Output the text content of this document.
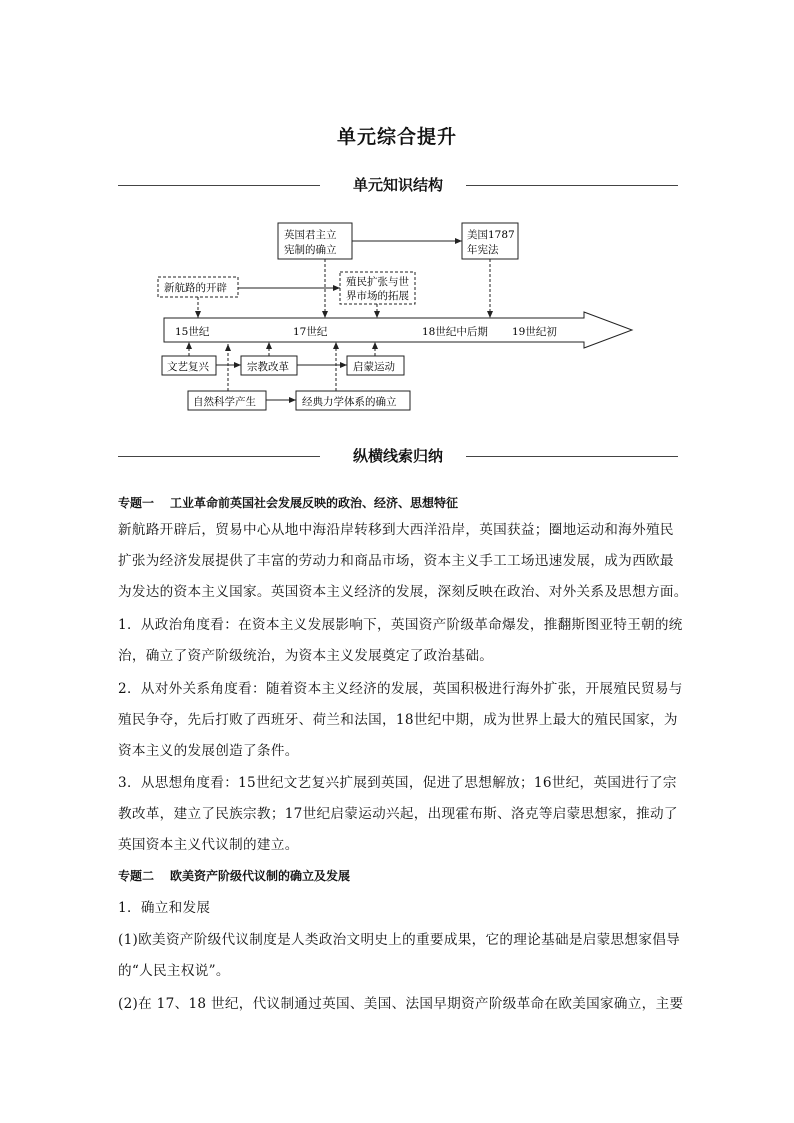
单元综合提升
单元知识结构
15世纪	17世纪	18世纪中后期 19世纪初
英国君主立
宪制的确立
美国1787
年宪法
新航路的开辟	殖民扩张与世
界市场的拓展
文艺复兴	宗教改革	启蒙运动
自然科学产生	经典力学体系的确立
纵横线索归纳
专题一 工业革命前英国社会发展反映的政治、经济、思想特征
新航路开辟后，贸易中心从地中海沿岸转移到大西洋沿岸，英国获益；圈地运动和海外殖民
扩张为经济发展提供了丰富的劳动力和商品市场，资本主义手工工场迅速发展，成为西欧最
为发达的资本主义国家。英国资本主义经济的发展，深刻反映在政治、对外关系及思想方面。
1．从政治角度看：在资本主义发展影响下，英国资产阶级革命爆发，推翻斯图亚特王朝的统
治，确立了资产阶级统治，为资本主义发展奠定了政治基础。
2．从对外关系角度看：随着资本主义经济的发展，英国积极进行海外扩张，开展殖民贸易与
殖民争夺，先后打败了西班牙、荷兰和法国，18世纪中期，成为世界上最大的殖民国家，为
资本主义的发展创造了条件。
3．从思想角度看：15世纪文艺复兴扩展到英国，促进了思想解放；16世纪，英国进行了宗
教改革，建立了民族宗教；17世纪启蒙运动兴起，出现霍布斯、洛克等启蒙思想家，推动了
英国资本主义代议制的建立。
专题二 欧美资产阶级代议制的确立及发展
1．确立和发展
(1)欧美资产阶级代议制度是人类政治文明史上的重要成果，它的理论基础是启蒙思想家倡导
的“人民主权说”。
(2)在 17、18 世纪，代议制通过英国、美国、法国早期资产阶级革命在欧美国家确立，主要
